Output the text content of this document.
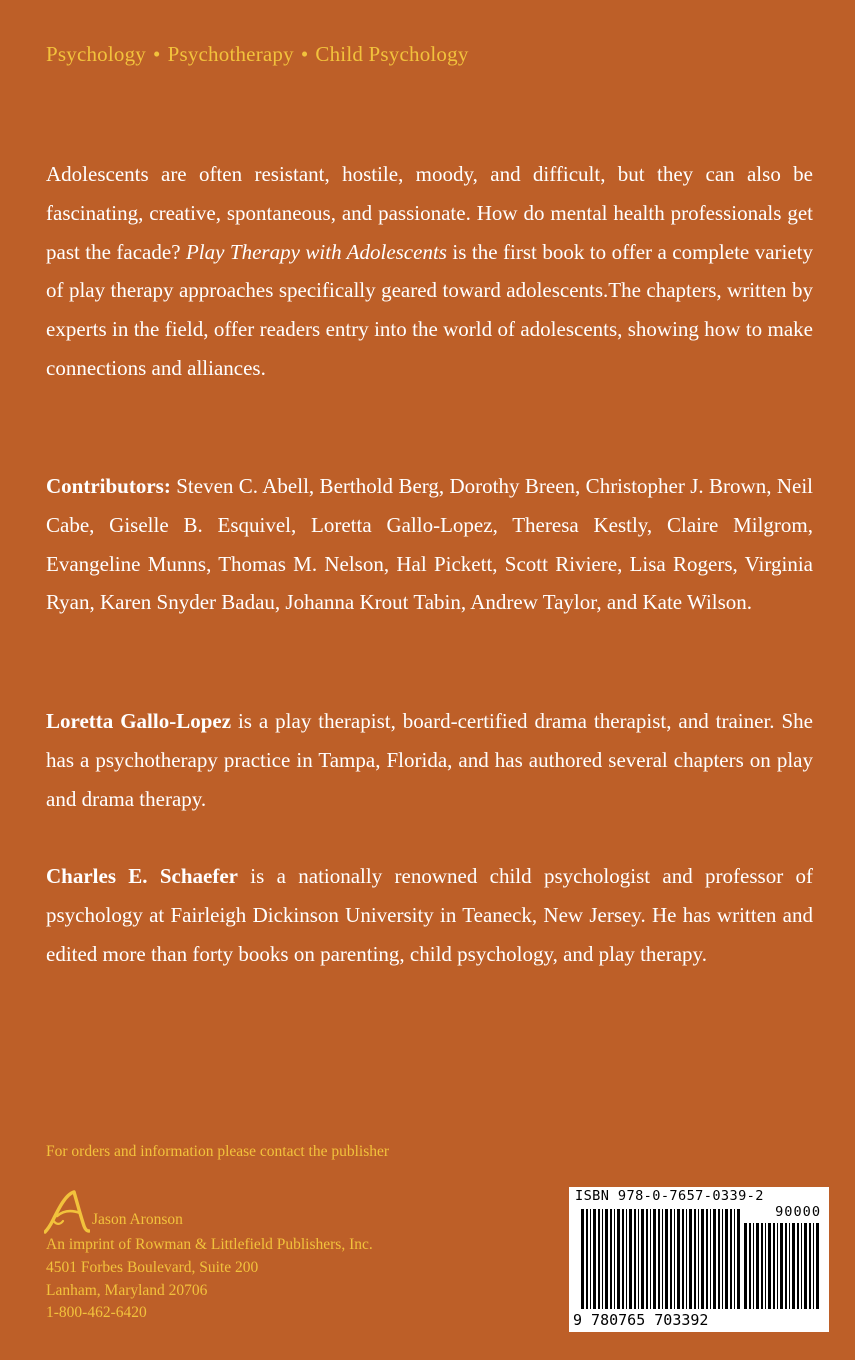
Psychology • Psychotherapy • Child Psychology

Adolescents are often resistant, hostile, moody, and difficult, but they can also be fascinating, creative, spontaneous, and passionate. How do mental health professionals get past the facade? Play Therapy with Adolescents is the first book to offer a complete variety of play therapy approaches specifically geared toward adolescents.The chapters, written by experts in the field, offer readers entry into the world of adolescents, showing how to make connections and alliances.

Contributors: Steven C. Abell, Berthold Berg, Dorothy Breen, Christopher J. Brown, Neil Cabe, Giselle B. Esquivel, Loretta Gallo-Lopez, Theresa Kestly, Claire Milgrom, Evangeline Munns, Thomas M. Nelson, Hal Pickett, Scott Riviere, Lisa Rogers, Virginia Ryan, Karen Snyder Badau, Johanna Krout Tabin, Andrew Taylor, and Kate Wilson.

Loretta Gallo-Lopez is a play therapist, board-certified drama therapist, and trainer. She has a psychotherapy practice in Tampa, Florida, and has authored several chapters on play and drama therapy.

Charles E. Schaefer is a nationally renowned child psychologist and professor of psychology at Fairleigh Dickinson University in Teaneck, New Jersey. He has written and edited more than forty books on parenting, child psychology, and play therapy.

For orders and information please contact the publisher
Jason Aronson
An imprint of Rowman & Littlefield Publishers, Inc.
4501 Forbes Boulevard, Suite 200
Lanham, Maryland 20706
1-800-462-6420
ISBN 978-0-7657-0339-2
90000
9 780765 703392
